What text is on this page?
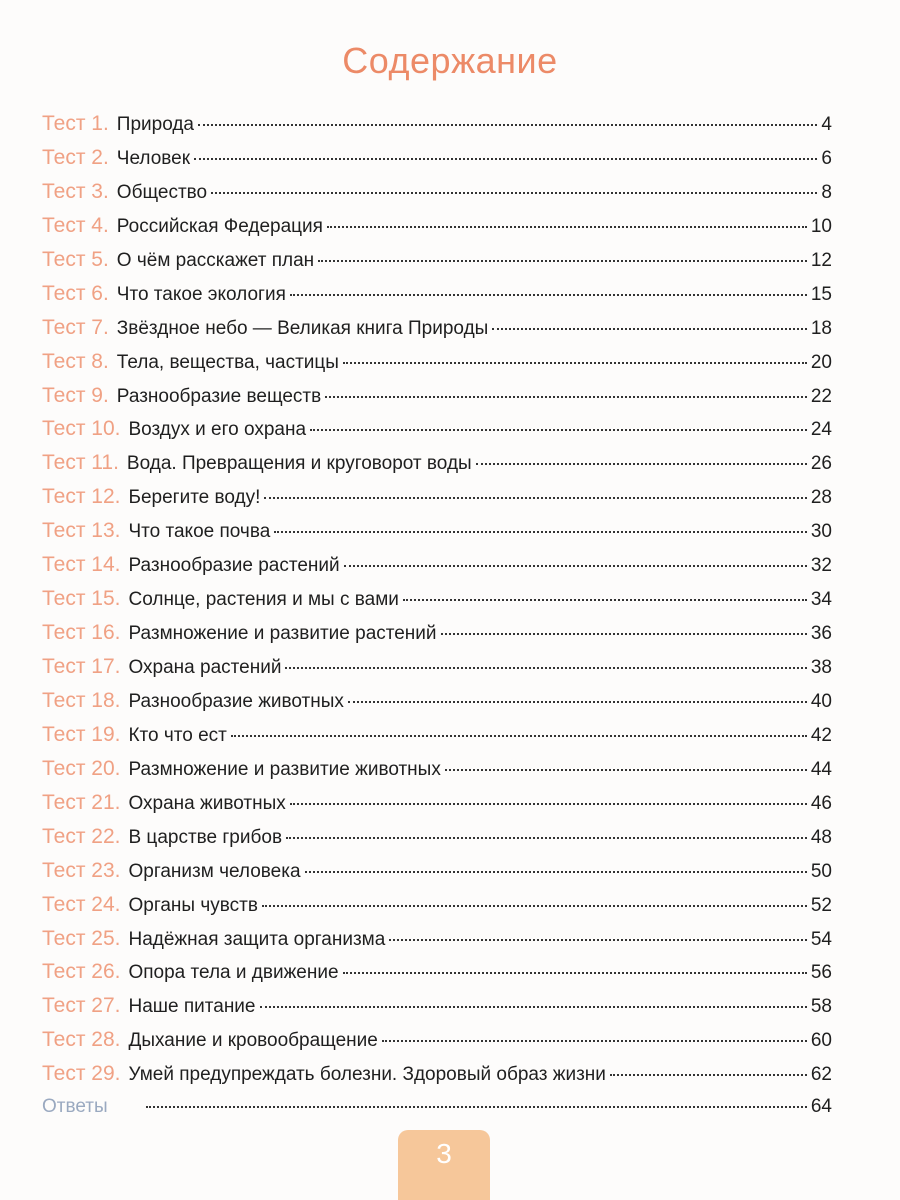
Содержание
Тест 1. Природа	4
Тест 2. Человек	6
Тест 3. Общество	8
Тест 4. Российская Федерация	10
Тест 5. О чём расскажет план	12
Тест 6. Что такое экология	15
Тест 7. Звёздное небо — Великая книга Природы	18
Тест 8. Тела, вещества, частицы	20
Тест 9. Разнообразие веществ	22
Тест 10. Воздух и его охрана	24
Тест 11. Вода. Превращения и круговорот воды	26
Тест 12. Берегите воду!	28
Тест 13. Что такое почва	30
Тест 14. Разнообразие растений	32
Тест 15. Солнце, растения и мы с вами	34
Тест 16. Размножение и развитие растений	36
Тест 17. Охрана растений	38
Тест 18. Разнообразие животных	40
Тест 19. Кто что ест	42
Тест 20. Размножение и развитие животных	44
Тест 21. Охрана животных	46
Тест 22. В царстве грибов	48
Тест 23. Организм человека	50
Тест 24. Органы чувств	52
Тест 25. Надёжная защита организма	54
Тест 26. Опора тела и движение	56
Тест 27. Наше питание	58
Тест 28. Дыхание и кровообращение	60
Тест 29. Умей предупреждать болезни. Здоровый образ жизни	62
Ответы	64
3
